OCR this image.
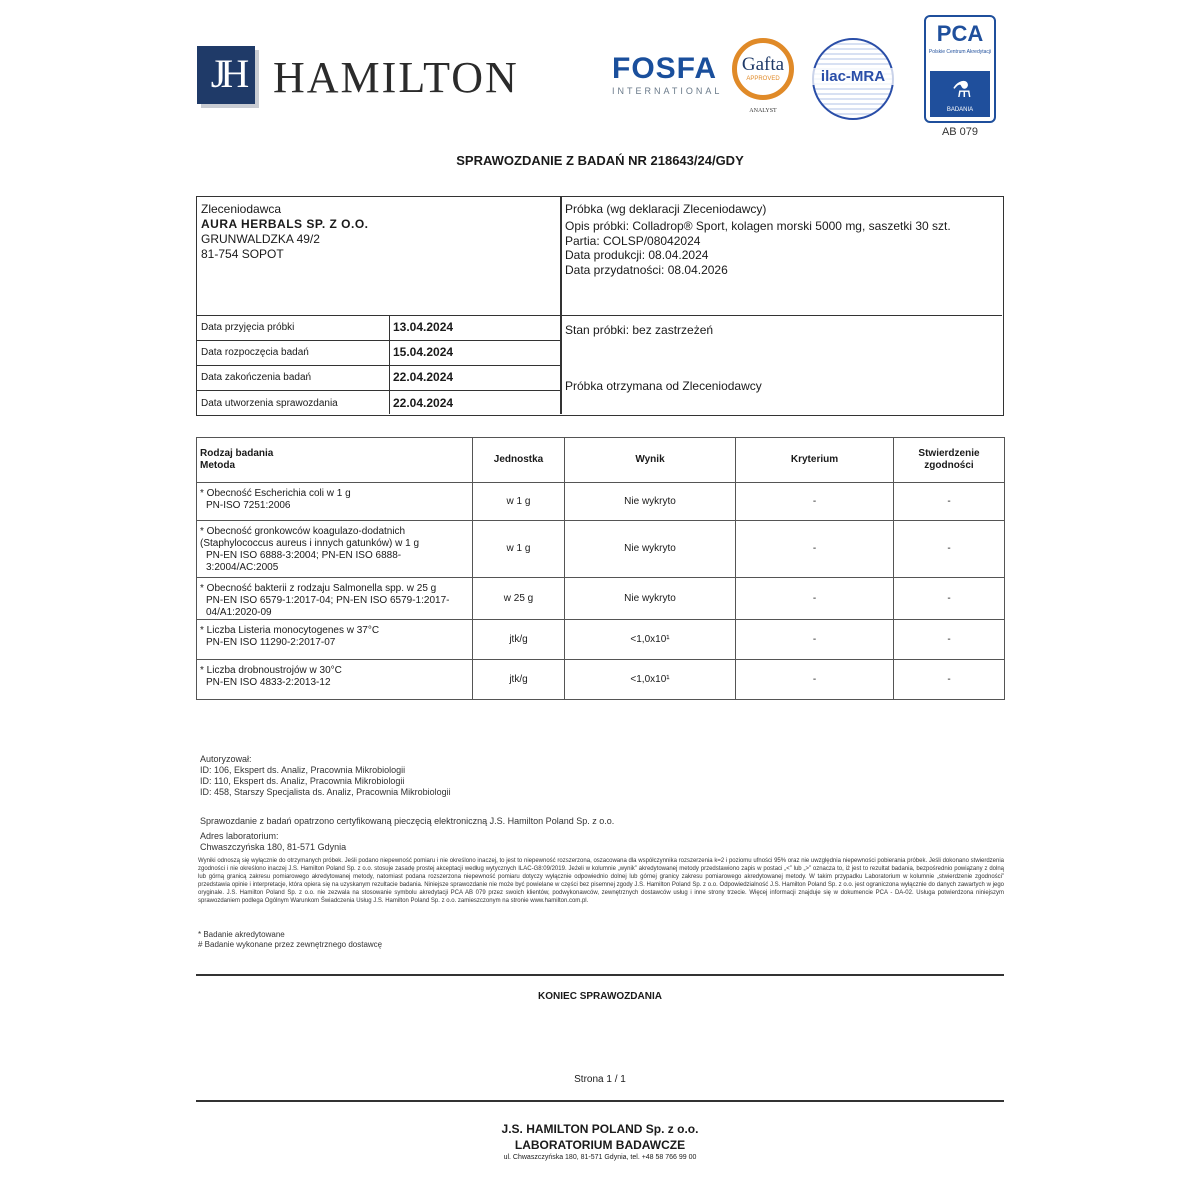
JH HAMILTON	FOSFA
INTERNATIONAL
Gafta
APPROVED
ANALYST
ilac-MRA
PCA
Polskie Centrum Akredytacji
⚗
BADANIA
AB 079
SPRAWOZDANIE Z BADAŃ NR 218643/24/GDY
Zleceniodawca
AURA HERBALS SP. Z O.O.
GRUNWALDZKA 49/2
81-754 SOPOT
Próbka (wg deklaracji Zleceniodawcy)
Opis próbki: Colladrop® Sport, kolagen morski 5000 mg, saszetki 30 szt.
Partia: COLSP/08042024
Data produkcji: 08.04.2024
Data przydatności: 08.04.2026
Data przyjęcia próbki	13.04.2024
Data rozpoczęcia badań	15.04.2024
Data zakończenia badań	22.04.2024
Data utworzenia sprawozdania	22.04.2024
Stan próbki: bez zastrzeżeń
Próbka otrzymana od Zleceniodawcy
Rodzaj badania
Metoda	Jednostka	Wynik	Kryterium	Stwierdzenie
zgodności
* Obecność Escherichia coli w 1 g
PN-ISO 7251:2006	w 1 g	Nie wykryto	-	-
* Obecność gronkowców koagulazo-dodatnich (Staphylococcus aureus i innych gatunków) w 1 g
PN-EN ISO 6888-3:2004; PN-EN ISO 6888-3:2004/AC:2005	w 1 g	Nie wykryto	-	-
* Obecność bakterii z rodzaju Salmonella spp. w 25 g
PN-EN ISO 6579-1:2017-04; PN-EN ISO 6579-1:2017-04/A1:2020-09	w 25 g	Nie wykryto	-	-
* Liczba Listeria monocytogenes w 37°C
PN-EN ISO 11290-2:2017-07	jtk/g	<1,0x10¹	-	-
* Liczba drobnoustrojów w 30°C
PN-EN ISO 4833-2:2013-12	jtk/g	<1,0x10¹	-	-
Autoryzował:
ID: 106, Ekspert ds. Analiz, Pracownia Mikrobiologii
ID: 110, Ekspert ds. Analiz, Pracownia Mikrobiologii
ID: 458, Starszy Specjalista ds. Analiz, Pracownia Mikrobiologii
Sprawozdanie z badań opatrzono certyfikowaną pieczęcią elektroniczną J.S. Hamilton Poland Sp. z o.o.
Adres laboratorium:
Chwaszczyńska 180, 81-571 Gdynia
Wyniki odnoszą się wyłącznie do otrzymanych próbek. Jeśli podano niepewność pomiaru i nie określono inaczej, to jest to niepewność rozszerzona, oszacowana dla współczynnika rozszerzenia k=2 i poziomu ufności 95% oraz nie uwzględnia niepewności pobierania próbek. Jeśli dokonano stwierdzenia zgodności i nie określono inaczej J.S. Hamilton Poland Sp. z o.o. stosuje zasadę prostej akceptacji według wytycznych ILAC-G8:09/2019. Jeżeli w kolumnie „wynik” akredytowanej metody przedstawiono zapis w postaci „<” lub „>” oznacza to, iż jest to rezultat badania, bezpośrednio powiązany z dolną lub górną granicą zakresu pomiarowego akredytowanej metody, natomiast podana rozszerzona niepewność pomiaru dotyczy wyłącznie odpowiednio dolnej lub górnej granicy zakresu pomiarowego akredytowanej metody. W takim przypadku Laboratorium w kolumnie „stwierdzenie zgodności” przedstawia opinie i interpretacje, która opiera się na uzyskanym rezultacie badania. Niniejsze sprawozdanie nie może być powielane w części bez pisemnej zgody J.S. Hamilton Poland Sp. z o.o. Odpowiedzialność J.S. Hamilton Poland Sp. z o.o. jest ograniczona wyłącznie do danych zawartych w jego oryginale. J.S. Hamilton Poland Sp. z o.o. nie zezwala na stosowanie symbolu akredytacji PCA AB 079 przez swoich klientów, podwykonawców, zewnętrznych dostawców usług i inne strony trzecie. Więcej informacji znajduje się w dokumencie PCA - DA-02. Usługa potwierdzona niniejszym sprawozdaniem podlega Ogólnym Warunkom Świadczenia Usług J.S. Hamilton Poland Sp. z o.o. zamieszczonym na stronie www.hamilton.com.pl.
* Badanie akredytowane
# Badanie wykonane przez zewnętrznego dostawcę
KONIEC SPRAWOZDANIA
Strona 1 / 1
J.S. HAMILTON POLAND Sp. z o.o.
LABORATORIUM BADAWCZE
ul. Chwaszczyńska 180, 81-571 Gdynia, tel. +48 58 766 99 00
